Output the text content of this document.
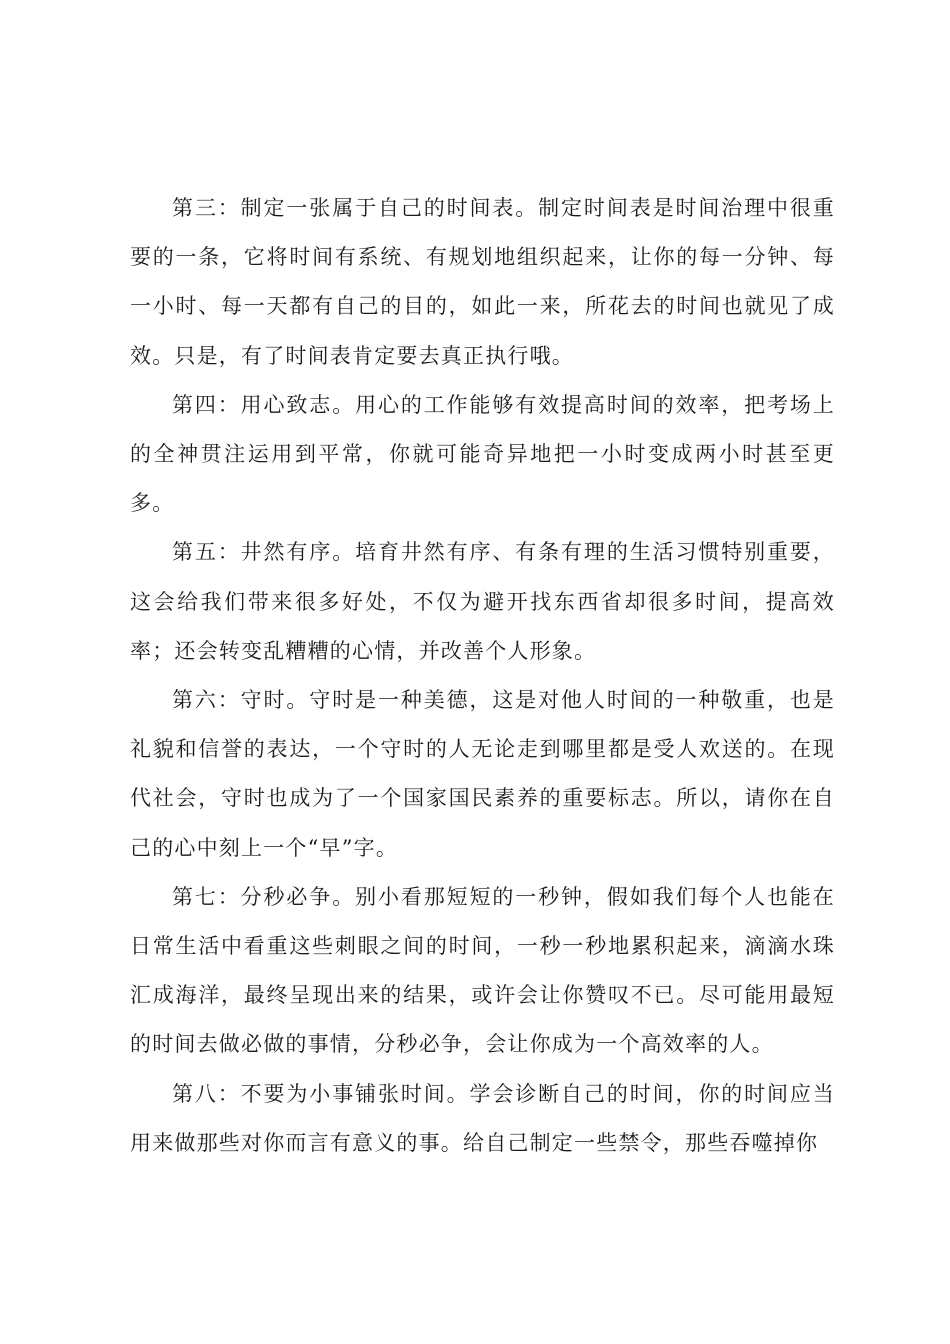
第三：制定一张属于自己的时间表。制定时间表是时间治理中很重要的一条，它将时间有系统、有规划地组织起来，让你的每一分钟、每一小时、每一天都有自己的目的，如此一来，所花去的时间也就见了成效。只是，有了时间表肯定要去真正执行哦。

第四：用心致志。用心的工作能够有效提高时间的效率，把考场上的全神贯注运用到平常，你就可能奇异地把一小时变成两小时甚至更多。

第五：井然有序。培育井然有序、有条有理的生活习惯特别重要，这会给我们带来很多好处，不仅为避开找东西省却很多时间，提高效率；还会转变乱糟糟的心情，并改善个人形象。

第六：守时。守时是一种美德，这是对他人时间的一种敬重，也是礼貌和信誉的表达，一个守时的人无论走到哪里都是受人欢送的。在现代社会，守时也成为了一个国家国民素养的重要标志。所以，请你在自己的心中刻上一个“早”字。

第七：分秒必争。别小看那短短的一秒钟，假如我们每个人也能在日常生活中看重这些刺眼之间的时间，一秒一秒地累积起来，滴滴水珠汇成海洋，最终呈现出来的结果，或许会让你赞叹不已。尽可能用最短的时间去做必做的事情，分秒必争，会让你成为一个高效率的人。

第八：不要为小事铺张时间。学会诊断自己的时间，你的时间应当用来做那些对你而言有意义的事。给自己制定一些禁令，那些吞噬掉你
